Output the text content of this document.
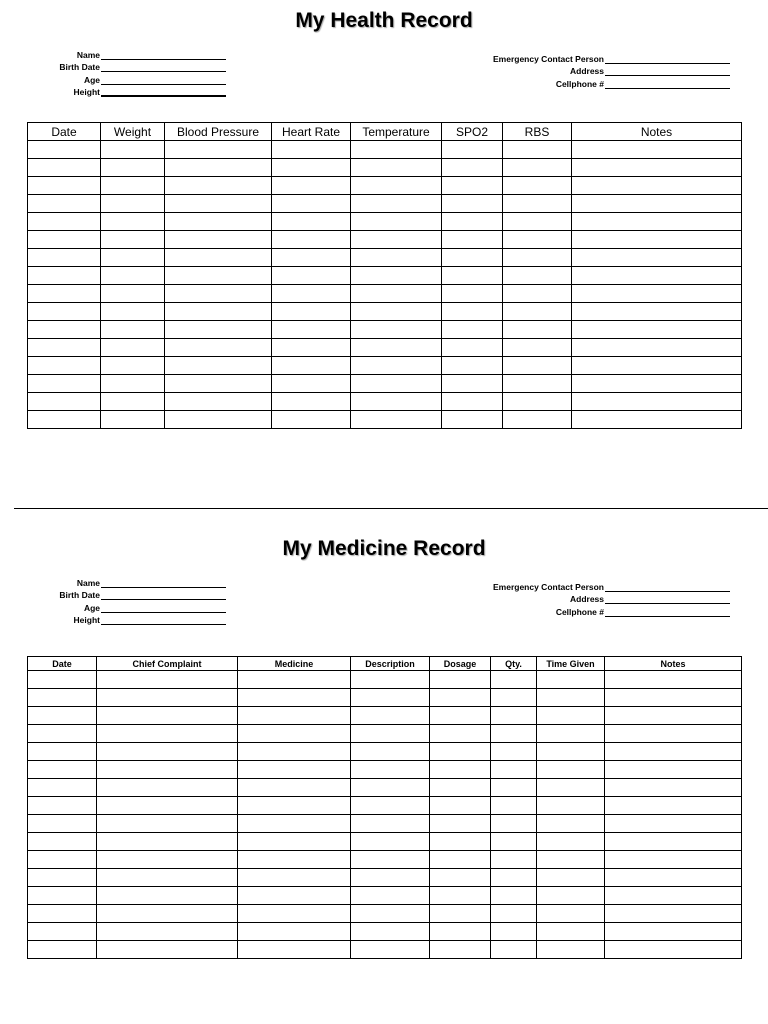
My Health Record
Name
Birth Date
Age
Height
Emergency Contact Person
Address
Cellphone #
Date	Weight	Blood Pressure	Heart Rate	Temperature	SPO2	RBS	Notes

My Medicine Record
Name
Birth Date
Age
Height
Emergency Contact Person
Address
Cellphone #
Date	Chief Complaint	Medicine	Description	Dosage	Qty.	Time Given	Notes
